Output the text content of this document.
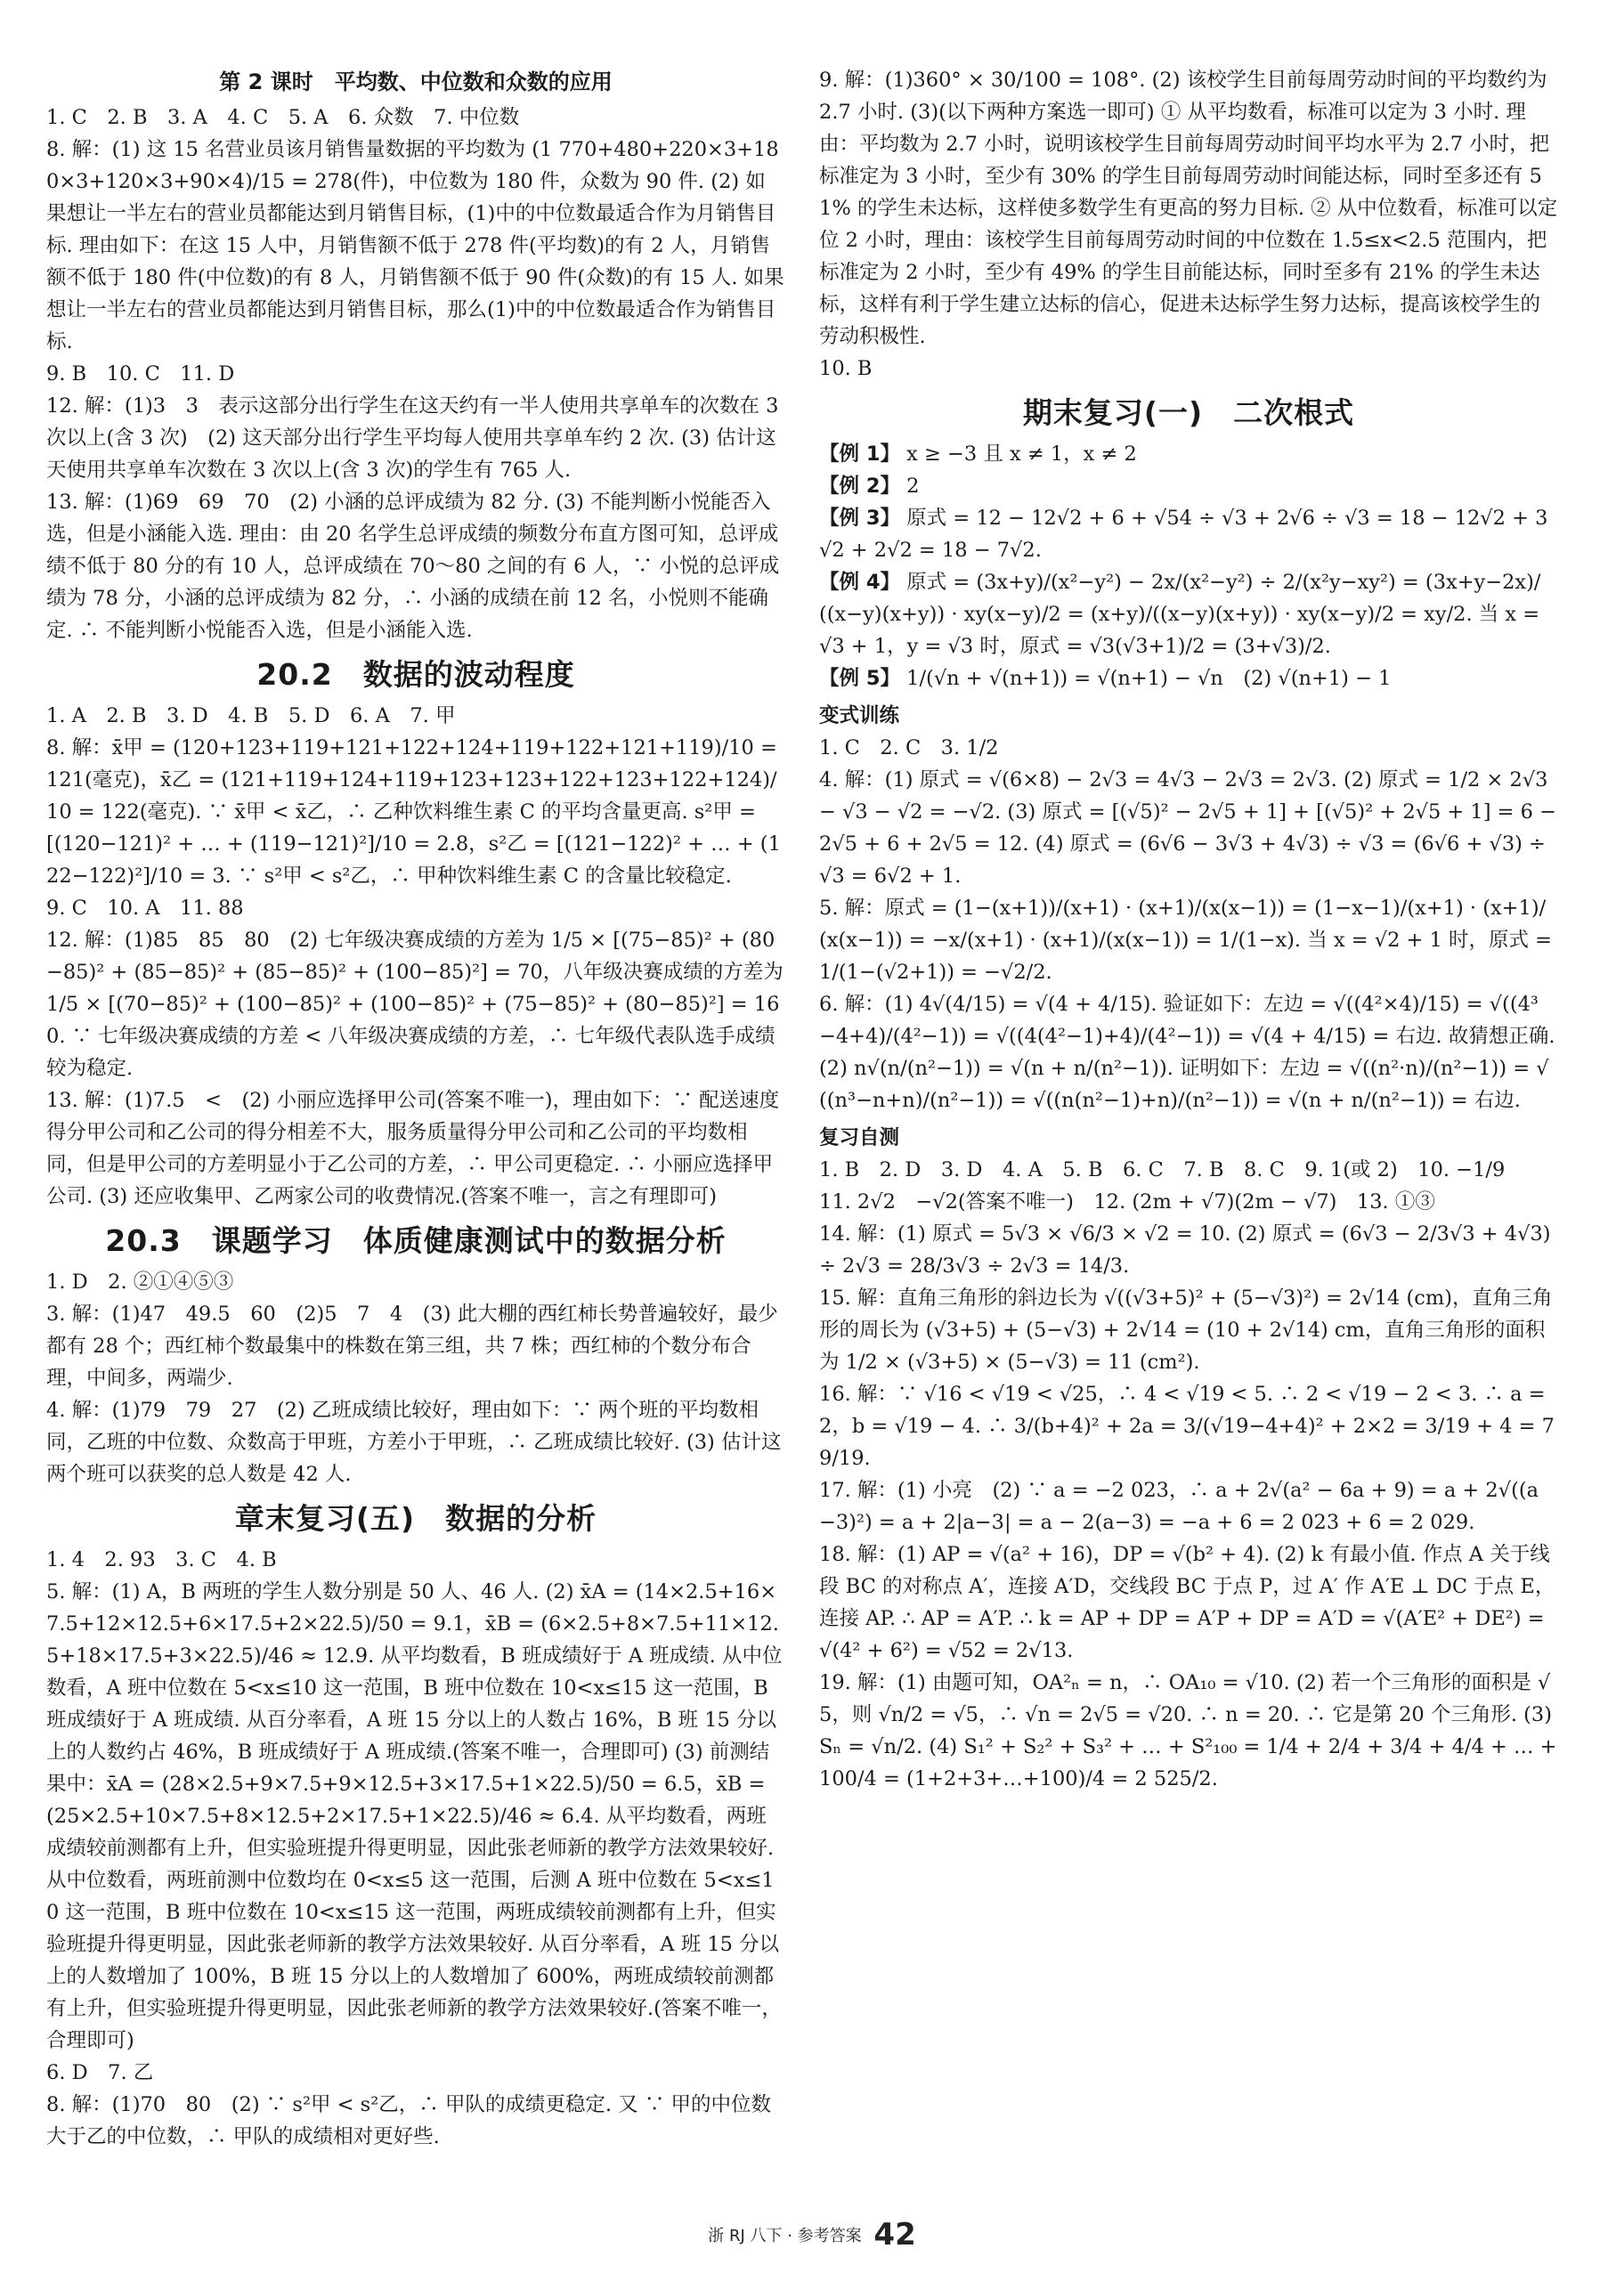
第 2 课时　平均数、中位数和众数的应用
1. C　2. B　3. A　4. C　5. A　6. 众数　7. 中位数
8. 解：(1) 这 15 名营业员该月销售量数据的平均数为 (1 770+480+220×3+180×3+120×3+90×4)/15 = 278(件)，中位数为 180 件，众数为 90 件. (2) 如果想让一半左右的营业员都能达到月销售目标，(1)中的中位数最适合作为月销售目标. 理由如下：在这 15 人中，月销售额不低于 278 件(平均数)的有 2 人，月销售额不低于 180 件(中位数)的有 8 人，月销售额不低于 90 件(众数)的有 15 人. 如果想让一半左右的营业员都能达到月销售目标，那么(1)中的中位数最适合作为销售目标.
9. B　10. C　11. D
12. 解：(1)3　3　表示这部分出行学生在这天约有一半人使用共享单车的次数在 3 次以上(含 3 次)　(2) 这天部分出行学生平均每人使用共享单车约 2 次. (3) 估计这天使用共享单车次数在 3 次以上(含 3 次)的学生有 765 人.
13. 解：(1)69　69　70　(2) 小涵的总评成绩为 82 分. (3) 不能判断小悦能否入选，但是小涵能入选. 理由：由 20 名学生总评成绩的频数分布直方图可知，总评成绩不低于 80 分的有 10 人，总评成绩在 70～80 之间的有 6 人，∵ 小悦的总评成绩为 78 分，小涵的总评成绩为 82 分，∴ 小涵的成绩在前 12 名，小悦则不能确定. ∴ 不能判断小悦能否入选，但是小涵能入选.
20.2　数据的波动程度
1. A　2. B　3. D　4. B　5. D　6. A　7. 甲
8. 解：x̄甲 = (120+123+119+121+122+124+119+122+121+119)/10 = 121(毫克)，x̄乙 = (121+119+124+119+123+123+122+123+122+124)/10 = 122(毫克). ∵ x̄甲 < x̄乙，∴ 乙种饮料维生素 C 的平均含量更高. s²甲 = [(120−121)² + … + (119−121)²]/10 = 2.8，s²乙 = [(121−122)² + … + (122−122)²]/10 = 3. ∵ s²甲 < s²乙，∴ 甲种饮料维生素 C 的含量比较稳定.
9. C　10. A　11. 88
12. 解：(1)85　85　80　(2) 七年级决赛成绩的方差为 1/5 × [(75−85)² + (80−85)² + (85−85)² + (85−85)² + (100−85)²] = 70，八年级决赛成绩的方差为 1/5 × [(70−85)² + (100−85)² + (100−85)² + (75−85)² + (80−85)²] = 160. ∵ 七年级决赛成绩的方差 < 八年级决赛成绩的方差，∴ 七年级代表队选手成绩较为稳定.
13. 解：(1)7.5　<　(2) 小丽应选择甲公司(答案不唯一)，理由如下：∵ 配送速度得分甲公司和乙公司的得分相差不大，服务质量得分甲公司和乙公司的平均数相同，但是甲公司的方差明显小于乙公司的方差，∴ 甲公司更稳定. ∴ 小丽应选择甲公司. (3) 还应收集甲、乙两家公司的收费情况.(答案不唯一，言之有理即可)
20.3　课题学习　体质健康测试中的数据分析
1. D　2. ②①④⑤③
3. 解：(1)47　49.5　60　(2)5　7　4　(3) 此大棚的西红柿长势普遍较好，最少都有 28 个；西红柿个数最集中的株数在第三组，共 7 株；西红柿的个数分布合理，中间多，两端少.
4. 解：(1)79　79　27　(2) 乙班成绩比较好，理由如下：∵ 两个班的平均数相同，乙班的中位数、众数高于甲班，方差小于甲班，∴ 乙班成绩比较好. (3) 估计这两个班可以获奖的总人数是 42 人.
章末复习(五)　数据的分析
1. 4　2. 93　3. C　4. B
5. 解：(1) A，B 两班的学生人数分别是 50 人、46 人. (2) x̄A = (14×2.5+16×7.5+12×12.5+6×17.5+2×22.5)/50 = 9.1，x̄B = (6×2.5+8×7.5+11×12.5+18×17.5+3×22.5)/46 ≈ 12.9. 从平均数看，B 班成绩好于 A 班成绩. 从中位数看，A 班中位数在 5<x≤10 这一范围，B 班中位数在 10<x≤15 这一范围，B 班成绩好于 A 班成绩. 从百分率看，A 班 15 分以上的人数占 16%，B 班 15 分以上的人数约占 46%，B 班成绩好于 A 班成绩.(答案不唯一，合理即可) (3) 前测结果中：x̄A = (28×2.5+9×7.5+9×12.5+3×17.5+1×22.5)/50 = 6.5，x̄B = (25×2.5+10×7.5+8×12.5+2×17.5+1×22.5)/46 ≈ 6.4. 从平均数看，两班成绩较前测都有上升，但实验班提升得更明显，因此张老师新的教学方法效果较好. 从中位数看，两班前测中位数均在 0<x≤5 这一范围，后测 A 班中位数在 5<x≤10 这一范围，B 班中位数在 10<x≤15 这一范围，两班成绩较前测都有上升，但实验班提升得更明显，因此张老师新的教学方法效果较好. 从百分率看，A 班 15 分以上的人数增加了 100%，B 班 15 分以上的人数增加了 600%，两班成绩较前测都有上升，但实验班提升得更明显，因此张老师新的教学方法效果较好.(答案不唯一，合理即可)
6. D　7. 乙
8. 解：(1)70　80　(2) ∵ s²甲 < s²乙，∴ 甲队的成绩更稳定. 又 ∵ 甲的中位数大于乙的中位数，∴ 甲队的成绩相对更好些.
9. 解：(1)360° × 30/100 = 108°. (2) 该校学生目前每周劳动时间的平均数约为 2.7 小时. (3)(以下两种方案选一即可) ① 从平均数看，标准可以定为 3 小时. 理由：平均数为 2.7 小时，说明该校学生目前每周劳动时间平均水平为 2.7 小时，把标准定为 3 小时，至少有 30% 的学生目前每周劳动时间能达标，同时至多还有 51% 的学生未达标，这样使多数学生有更高的努力目标. ② 从中位数看，标准可以定位 2 小时，理由：该校学生目前每周劳动时间的中位数在 1.5≤x<2.5 范围内，把标准定为 2 小时，至少有 49% 的学生目前能达标，同时至多有 21% 的学生未达标，这样有利于学生建立达标的信心，促进未达标学生努力达标，提高该校学生的劳动积极性.
10. B
期末复习(一)　二次根式
【例 1】 x ≥ −3 且 x ≠ 1，x ≠ 2
【例 2】 2
【例 3】 原式 = 12 − 12√2 + 6 + √54 ÷ √3 + 2√6 ÷ √3 = 18 − 12√2 + 3√2 + 2√2 = 18 − 7√2.
【例 4】 原式 = (3x+y)/(x²−y²) − 2x/(x²−y²) ÷ 2/(x²y−xy²) = (3x+y−2x)/((x−y)(x+y)) · xy(x−y)/2 = (x+y)/((x−y)(x+y)) · xy(x−y)/2 = xy/2. 当 x = √3 + 1，y = √3 时，原式 = √3(√3+1)/2 = (3+√3)/2.
【例 5】 1/(√n + √(n+1)) = √(n+1) − √n　(2) √(n+1) − 1
变式训练
1. C　2. C　3. 1/2
4. 解：(1) 原式 = √(6×8) − 2√3 = 4√3 − 2√3 = 2√3. (2) 原式 = 1/2 × 2√3 − √3 − √2 = −√2. (3) 原式 = [(√5)² − 2√5 + 1] + [(√5)² + 2√5 + 1] = 6 − 2√5 + 6 + 2√5 = 12. (4) 原式 = (6√6 − 3√3 + 4√3) ÷ √3 = (6√6 + √3) ÷ √3 = 6√2 + 1.
5. 解：原式 = (1−(x+1))/(x+1) · (x+1)/(x(x−1)) = (1−x−1)/(x+1) · (x+1)/(x(x−1)) = −x/(x+1) · (x+1)/(x(x−1)) = 1/(1−x). 当 x = √2 + 1 时，原式 = 1/(1−(√2+1)) = −√2/2.
6. 解：(1) 4√(4/15) = √(4 + 4/15). 验证如下：左边 = √((4²×4)/15) = √((4³−4+4)/(4²−1)) = √((4(4²−1)+4)/(4²−1)) = √(4 + 4/15) = 右边. 故猜想正确. (2) n√(n/(n²−1)) = √(n + n/(n²−1)). 证明如下：左边 = √((n²·n)/(n²−1)) = √((n³−n+n)/(n²−1)) = √((n(n²−1)+n)/(n²−1)) = √(n + n/(n²−1)) = 右边.
复习自测
1. B　2. D　3. D　4. A　5. B　6. C　7. B　8. C　9. 1(或 2)　10. −1/9
11. 2√2　−√2(答案不唯一)　12. (2m + √7)(2m − √7)　13. ①③
14. 解：(1) 原式 = 5√3 × √6/3 × √2 = 10. (2) 原式 = (6√3 − 2/3√3 + 4√3) ÷ 2√3 = 28/3√3 ÷ 2√3 = 14/3.
15. 解：直角三角形的斜边长为 √((√3+5)² + (5−√3)²) = 2√14 (cm)，直角三角形的周长为 (√3+5) + (5−√3) + 2√14 = (10 + 2√14) cm，直角三角形的面积为 1/2 × (√3+5) × (5−√3) = 11 (cm²).
16. 解：∵ √16 < √19 < √25，∴ 4 < √19 < 5. ∴ 2 < √19 − 2 < 3. ∴ a = 2，b = √19 − 4. ∴ 3/(b+4)² + 2a = 3/(√19−4+4)² + 2×2 = 3/19 + 4 = 79/19.
17. 解：(1) 小亮　(2) ∵ a = −2 023，∴ a + 2√(a² − 6a + 9) = a + 2√((a−3)²) = a + 2|a−3| = a − 2(a−3) = −a + 6 = 2 023 + 6 = 2 029.
18. 解：(1) AP = √(a² + 16)，DP = √(b² + 4). (2) k 有最小值. 作点 A 关于线段 BC 的对称点 A′，连接 A′D，交线段 BC 于点 P，过 A′ 作 A′E ⊥ DC 于点 E，连接 AP. ∴ AP = A′P. ∴ k = AP + DP = A′P + DP = A′D = √(A′E² + DE²) = √(4² + 6²) = √52 = 2√13.
19. 解：(1) 由题可知，OA²ₙ = n，∴ OA₁₀ = √10. (2) 若一个三角形的面积是 √5，则 √n/2 = √5，∴ √n = 2√5 = √20. ∴ n = 20. ∴ 它是第 20 个三角形. (3) Sₙ = √n/2. (4) S₁² + S₂² + S₃² + … + S²₁₀₀ = 1/4 + 2/4 + 3/4 + 4/4 + … + 100/4 = (1+2+3+…+100)/4 = 2 525/2.
浙 RJ 八下 · 参考答案 42
